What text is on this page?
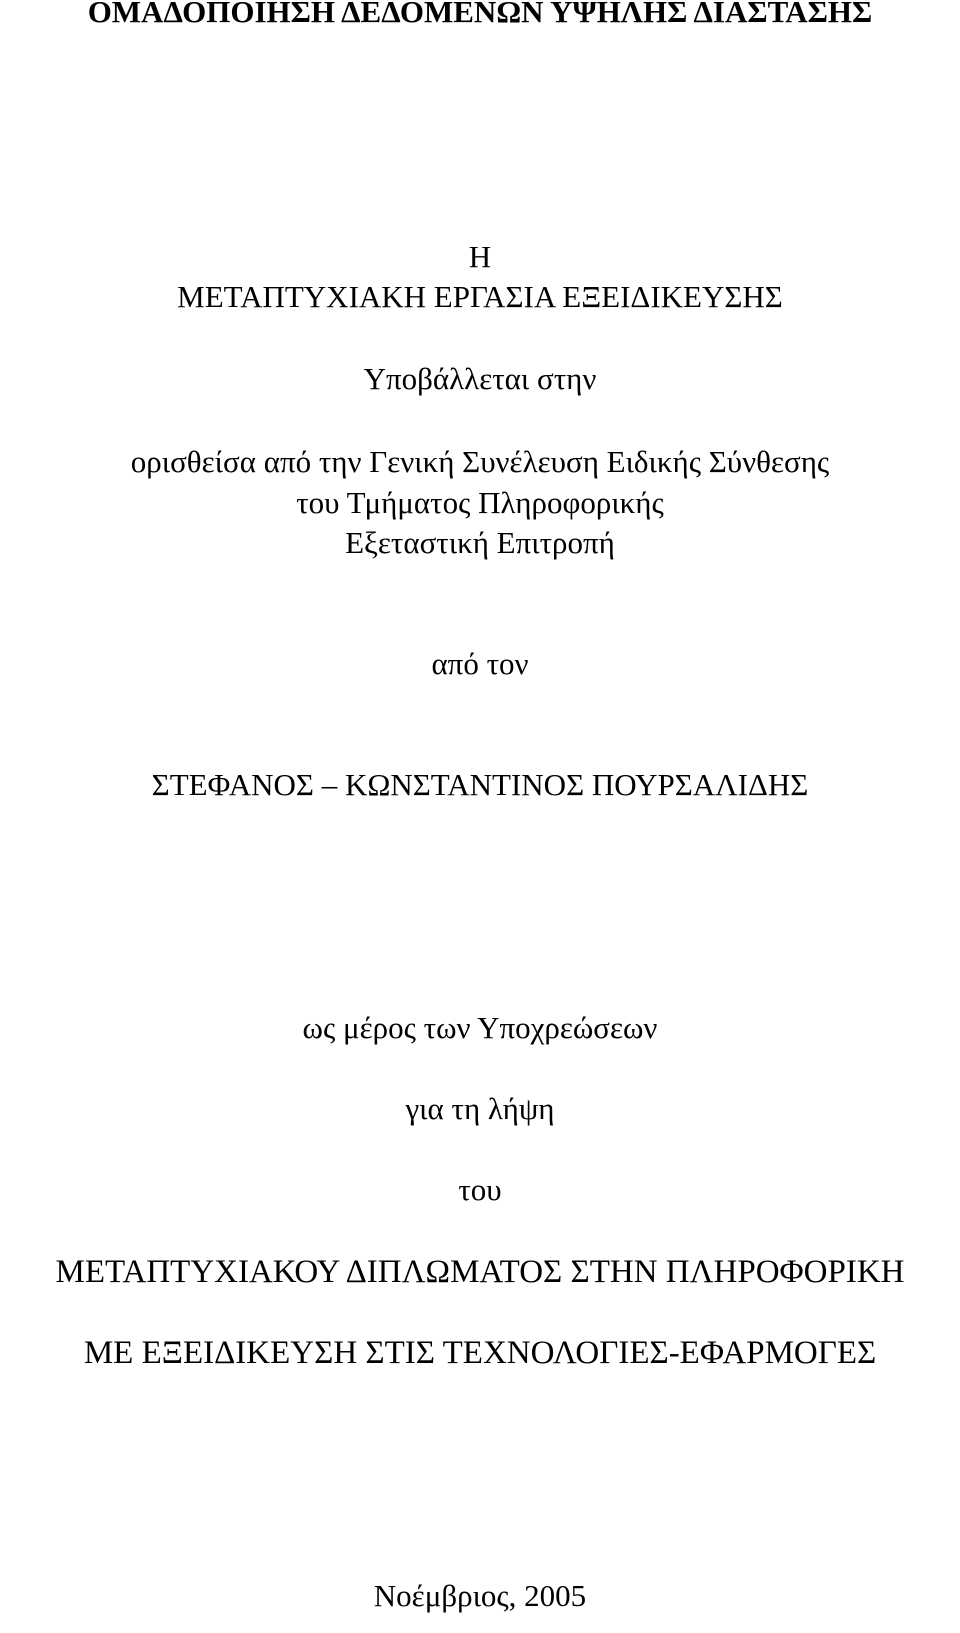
ΟΜΑΔΟΠΟΙΗΣΗ ΔΕΔΟΜΕΝΩΝ ΥΨΗΛΗΣ ΔΙΑΣΤΑΣΗΣ
Η
ΜΕΤΑΠΤΥΧΙΑΚΗ ΕΡΓΑΣΙΑ ΕΞΕΙΔΙΚΕΥΣΗΣ
Υποβάλλεται στην
ορισθείσα από την Γενική Συνέλευση Ειδικής Σύνθεσης
του Τμήματος Πληροφορικής
Εξεταστική Επιτροπή
από τον
ΣΤΕΦΑΝΟΣ – ΚΩΝΣΤΑΝΤΙΝΟΣ ΠΟΥΡΣΑΛΙΔΗΣ
ως μέρος των Υποχρεώσεων
για τη λήψη
του
ΜΕΤΑΠΤΥΧΙΑΚΟΥ ΔΙΠΛΩΜΑΤΟΣ ΣΤΗΝ ΠΛΗΡΟΦΟΡΙΚΗ
ΜΕ ΕΞΕΙΔΙΚΕΥΣΗ ΣΤΙΣ ΤΕΧΝΟΛΟΓΙΕΣ-ΕΦΑΡΜΟΓΕΣ
Νοέμβριος, 2005
